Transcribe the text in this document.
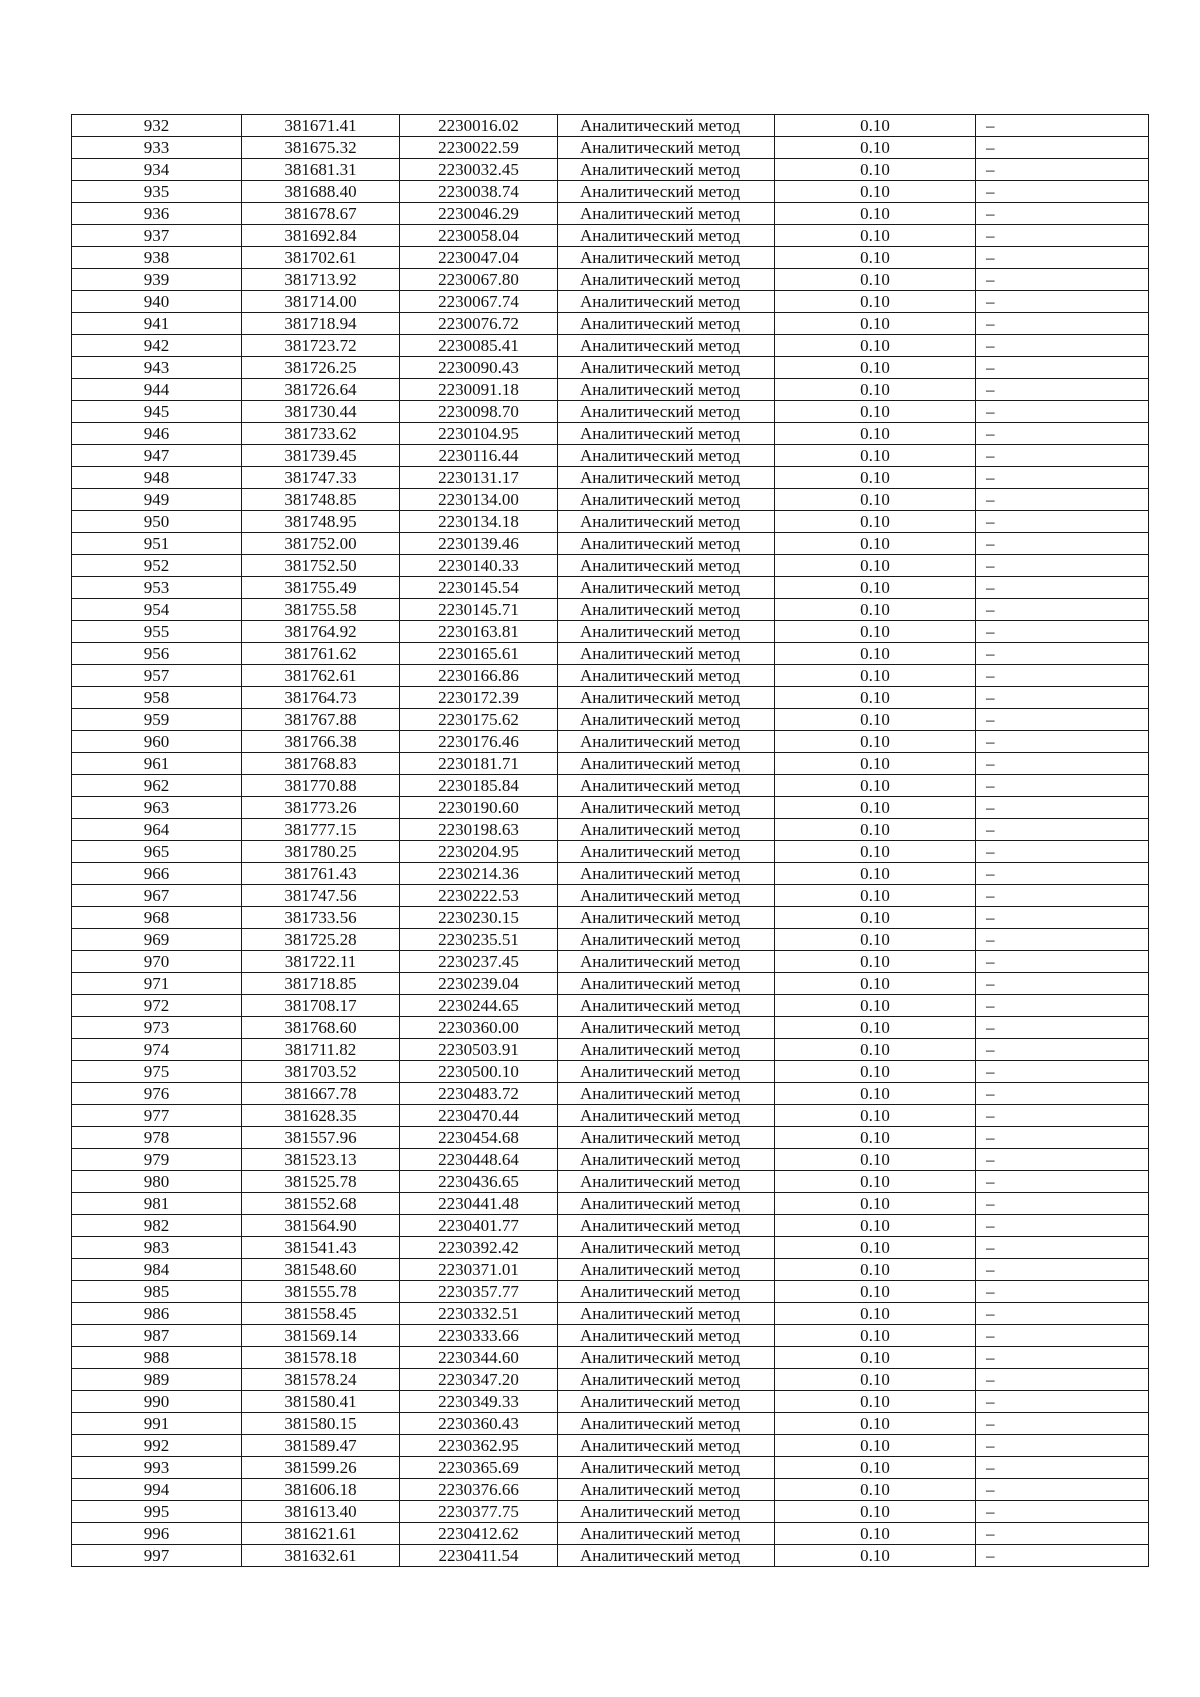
932	381671.41	2230016.02	Аналитический метод	0.10	–
933	381675.32	2230022.59	Аналитический метод	0.10	–
934	381681.31	2230032.45	Аналитический метод	0.10	–
935	381688.40	2230038.74	Аналитический метод	0.10	–
936	381678.67	2230046.29	Аналитический метод	0.10	–
937	381692.84	2230058.04	Аналитический метод	0.10	–
938	381702.61	2230047.04	Аналитический метод	0.10	–
939	381713.92	2230067.80	Аналитический метод	0.10	–
940	381714.00	2230067.74	Аналитический метод	0.10	–
941	381718.94	2230076.72	Аналитический метод	0.10	–
942	381723.72	2230085.41	Аналитический метод	0.10	–
943	381726.25	2230090.43	Аналитический метод	0.10	–
944	381726.64	2230091.18	Аналитический метод	0.10	–
945	381730.44	2230098.70	Аналитический метод	0.10	–
946	381733.62	2230104.95	Аналитический метод	0.10	–
947	381739.45	2230116.44	Аналитический метод	0.10	–
948	381747.33	2230131.17	Аналитический метод	0.10	–
949	381748.85	2230134.00	Аналитический метод	0.10	–
950	381748.95	2230134.18	Аналитический метод	0.10	–
951	381752.00	2230139.46	Аналитический метод	0.10	–
952	381752.50	2230140.33	Аналитический метод	0.10	–
953	381755.49	2230145.54	Аналитический метод	0.10	–
954	381755.58	2230145.71	Аналитический метод	0.10	–
955	381764.92	2230163.81	Аналитический метод	0.10	–
956	381761.62	2230165.61	Аналитический метод	0.10	–
957	381762.61	2230166.86	Аналитический метод	0.10	–
958	381764.73	2230172.39	Аналитический метод	0.10	–
959	381767.88	2230175.62	Аналитический метод	0.10	–
960	381766.38	2230176.46	Аналитический метод	0.10	–
961	381768.83	2230181.71	Аналитический метод	0.10	–
962	381770.88	2230185.84	Аналитический метод	0.10	–
963	381773.26	2230190.60	Аналитический метод	0.10	–
964	381777.15	2230198.63	Аналитический метод	0.10	–
965	381780.25	2230204.95	Аналитический метод	0.10	–
966	381761.43	2230214.36	Аналитический метод	0.10	–
967	381747.56	2230222.53	Аналитический метод	0.10	–
968	381733.56	2230230.15	Аналитический метод	0.10	–
969	381725.28	2230235.51	Аналитический метод	0.10	–
970	381722.11	2230237.45	Аналитический метод	0.10	–
971	381718.85	2230239.04	Аналитический метод	0.10	–
972	381708.17	2230244.65	Аналитический метод	0.10	–
973	381768.60	2230360.00	Аналитический метод	0.10	–
974	381711.82	2230503.91	Аналитический метод	0.10	–
975	381703.52	2230500.10	Аналитический метод	0.10	–
976	381667.78	2230483.72	Аналитический метод	0.10	–
977	381628.35	2230470.44	Аналитический метод	0.10	–
978	381557.96	2230454.68	Аналитический метод	0.10	–
979	381523.13	2230448.64	Аналитический метод	0.10	–
980	381525.78	2230436.65	Аналитический метод	0.10	–
981	381552.68	2230441.48	Аналитический метод	0.10	–
982	381564.90	2230401.77	Аналитический метод	0.10	–
983	381541.43	2230392.42	Аналитический метод	0.10	–
984	381548.60	2230371.01	Аналитический метод	0.10	–
985	381555.78	2230357.77	Аналитический метод	0.10	–
986	381558.45	2230332.51	Аналитический метод	0.10	–
987	381569.14	2230333.66	Аналитический метод	0.10	–
988	381578.18	2230344.60	Аналитический метод	0.10	–
989	381578.24	2230347.20	Аналитический метод	0.10	–
990	381580.41	2230349.33	Аналитический метод	0.10	–
991	381580.15	2230360.43	Аналитический метод	0.10	–
992	381589.47	2230362.95	Аналитический метод	0.10	–
993	381599.26	2230365.69	Аналитический метод	0.10	–
994	381606.18	2230376.66	Аналитический метод	0.10	–
995	381613.40	2230377.75	Аналитический метод	0.10	–
996	381621.61	2230412.62	Аналитический метод	0.10	–
997	381632.61	2230411.54	Аналитический метод	0.10	–
